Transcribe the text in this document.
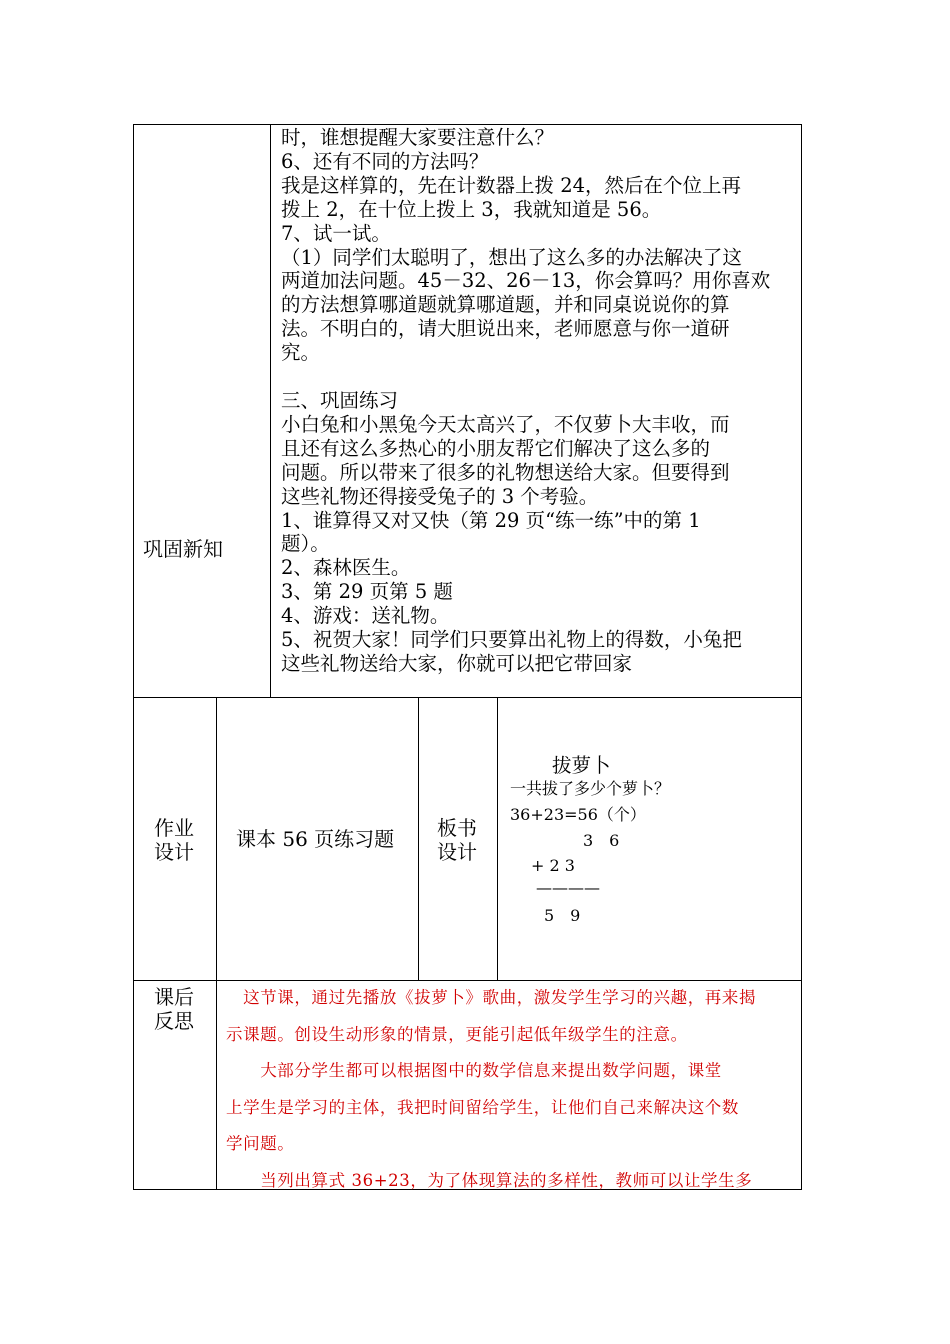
巩固新知
时，谁想提醒大家要注意什么？
6、还有不同的方法吗？
我是这样算的，先在计数器上拨 24，然后在个位上再
拨上 2，在十位上拨上 3，我就知道是 56。
7、试一试。
（1）同学们太聪明了，想出了这么多的办法解决了这
两道加法问题。45－32、26－13，你会算吗？用你喜欢
的方法想算哪道题就算哪道题，并和同桌说说你的算
法。不明白的，请大胆说出来，老师愿意与你一道研
究。

三、巩固练习
小白兔和小黑兔今天太高兴了，不仅萝卜大丰收，而
且还有这么多热心的小朋友帮它们解决了这么多的
问题。所以带来了很多的礼物想送给大家。但要得到
这些礼物还得接受兔子的 3 个考验。
1、谁算得又对又快（第 29 页“练一练”中的第 1
题）。
2、森林医生。
3、第 29 页第 5 题
4、游戏：送礼物。
5、祝贺大家！同学们只要算出礼物上的得数，小兔把
这些礼物送给大家，你就可以把它带回家
作业
设计
课本 56 页练习题 板书
设计
拔萝卜
一共拔了多少个萝卜？
36+23=56（个）
3　6
+ 2 3
————
5　9
课后
反思
　这节课，通过先播放《拔萝卜》歌曲，激发学生学习的兴趣，再来揭
示课题。创设生动形象的情景，更能引起低年级学生的注意。
　　大部分学生都可以根据图中的数学信息来提出数学问题，课堂
上学生是学习的主体，我把时间留给学生，让他们自己来解决这个数
学问题。
　　当列出算式 36+23，为了体现算法的多样性，教师可以让学生多
